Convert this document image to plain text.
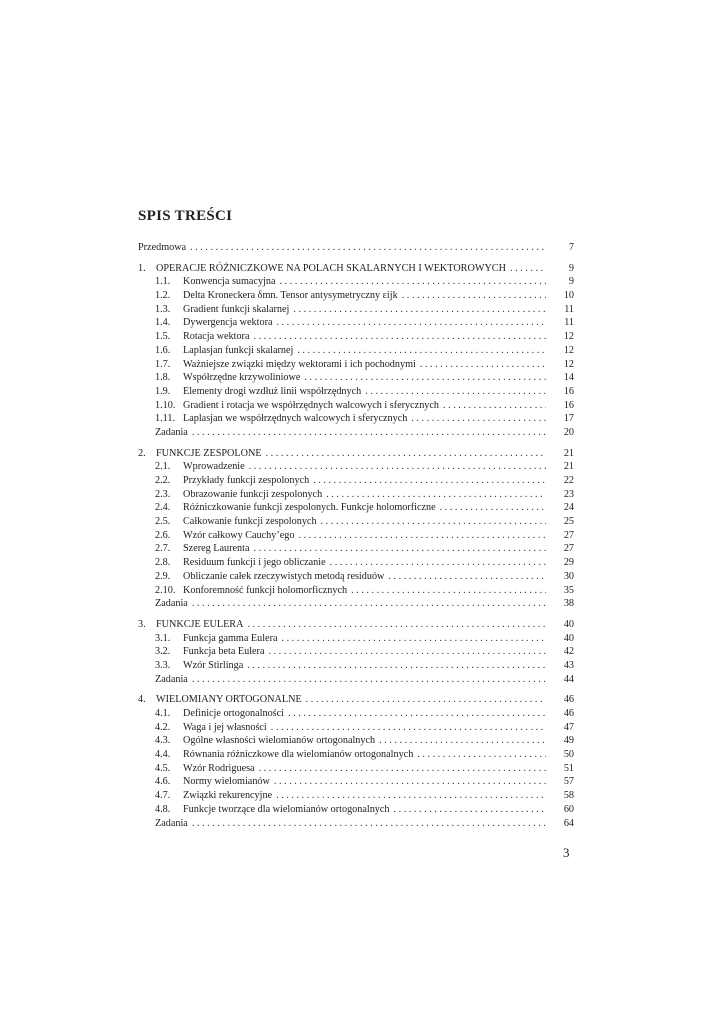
SPIS TREŚCI
Przedmowa . . .	7
1.	OPERACJE RÓŻNICZKOWE NA POLACH SKALARNYCH I WEKTOROWYCH . . .	9
1.1.	Konwencja sumacyjna . . .	9
1.2.	Delta Kroneckera δmn. Tensor antysymetryczny εijk . . .	10
1.3.	Gradient funkcji skalarnej . . .	11
1.4.	Dywergencja wektora . . .	11
1.5.	Rotacja wektora . . .	12
1.6.	Laplasjan funkcji skalarnej . . .	12
1.7.	Ważniejsze związki między wektorami i ich pochodnymi . . .	12
1.8.	Współrzędne krzywoliniowe . . .	14
1.9.	Elementy drogi wzdłuż linii współrzędnych . . .	16
1.10. Gradient i rotacja we współrzędnych walcowych i sferycznych . . .	16
1.11. Laplasjan we współrzędnych walcowych i sferycznych . . .	17
Zadania . . .	20
2.	FUNKCJE ZESPOLONE . . .	21
2.1.	Wprowadzenie . . .	21
2.2.	Przykłady funkcji zespolonych . . .	22
2.3.	Obrazowanie funkcji zespolonych . . .	23
2.4.	Różniczkowanie funkcji zespolonych. Funkcje holomorficzne . . .	24
2.5.	Całkowanie funkcji zespolonych . . .	25
2.6.	Wzór całkowy Cauchy’ego . . .	27
2.7.	Szereg Laurenta . . .	27
2.8.	Residuum funkcji i jego obliczanie . . .	29
2.9.	Obliczanie całek rzeczywistych metodą residuów . . .	30
2.10. Konforemność funkcji holomorficznych . . .	35
Zadania . . .	38
3.	FUNKCJE EULERA . . .	40
3.1.	Funkcja gamma Eulera . . .	40
3.2.	Funkcja beta Eulera . . .	42
3.3.	Wzór Stirlinga . . .	43
Zadania . . .	44
4.	WIELOMIANY ORTOGONALNE . . .	46
4.1.	Definicje ortogonalności . . .	46
4.2.	Waga i jej własności . . .	47
4.3.	Ogólne własności wielomianów ortogonalnych . . .	49
4.4.	Równania różniczkowe dla wielomianów ortogonalnych . . .	50
4.5.	Wzór Rodriguesa . . .	51
4.6.	Normy wielomianów . . .	57
4.7.	Związki rekurencyjne . . .	58
4.8.	Funkcje tworzące dla wielomianów ortogonalnych . . .	60
Zadania . . .	64
3
